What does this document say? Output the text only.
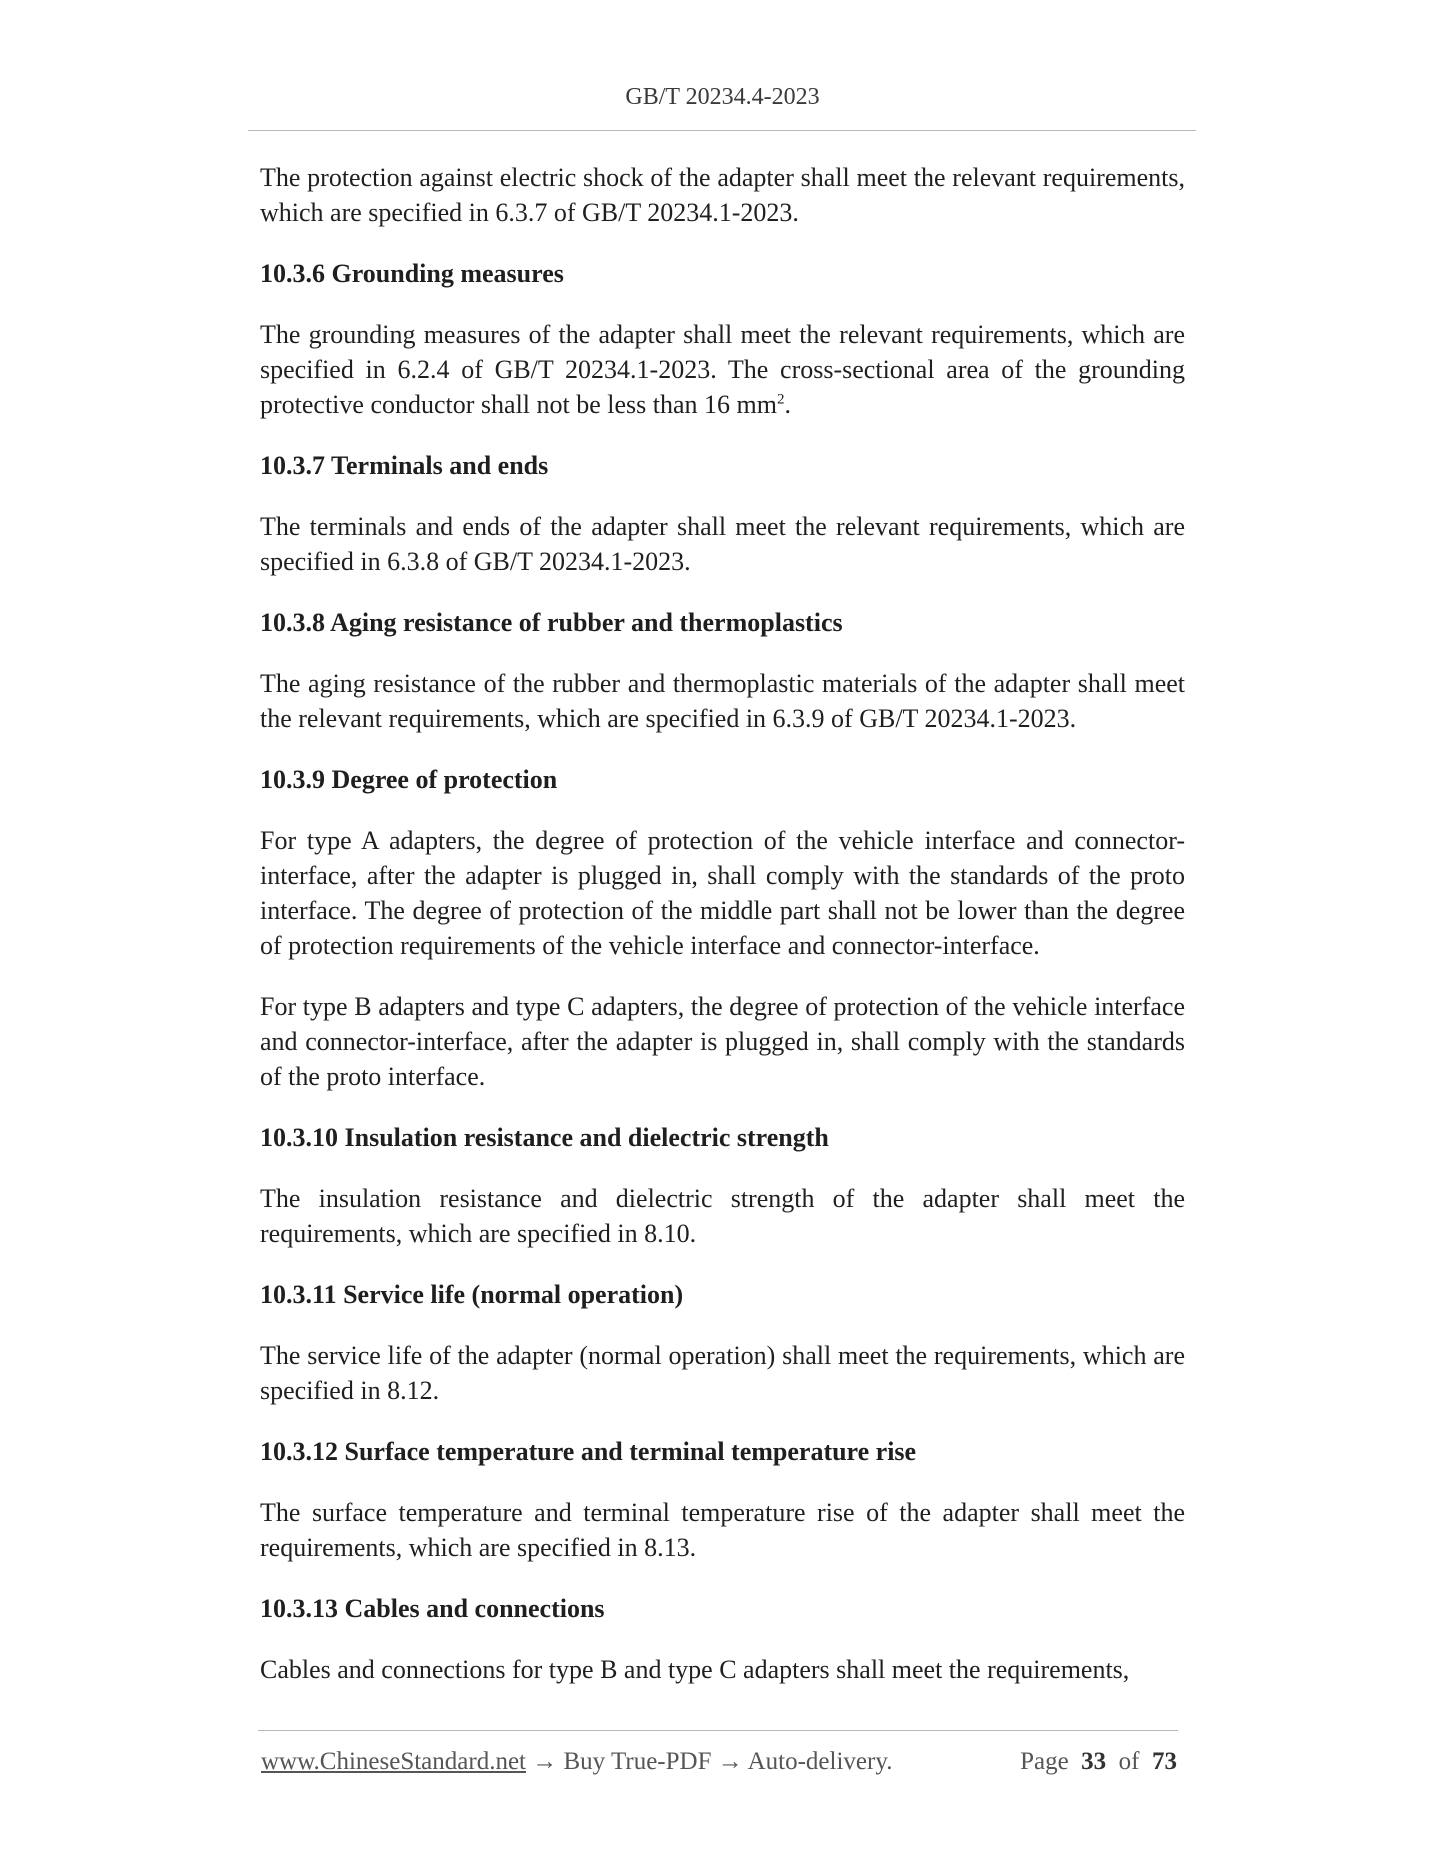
GB/T 20234.4-2023

The protection against electric shock of the adapter shall meet the relevant requirements, which are specified in 6.3.7 of GB/T 20234.1-2023.

10.3.6 Grounding measures

The grounding measures of the adapter shall meet the relevant requirements, which are specified in 6.2.4 of GB/T 20234.1-2023. The cross-sectional area of the grounding protective conductor shall not be less than 16 $mm^2$.

10.3.7 Terminals and ends

The terminals and ends of the adapter shall meet the relevant requirements, which are specified in 6.3.8 of GB/T 20234.1-2023.

10.3.8 Aging resistance of rubber and thermoplastics

The aging resistance of the rubber and thermoplastic materials of the adapter shall meet the relevant requirements, which are specified in 6.3.9 of GB/T 20234.1-2023.

10.3.9 Degree of protection

For type A adapters, the degree of protection of the vehicle interface and connector-interface, after the adapter is plugged in, shall comply with the standards of the proto interface. The degree of protection of the middle part shall not be lower than the degree of protection requirements of the vehicle interface and connector-interface.

For type B adapters and type C adapters, the degree of protection of the vehicle interface and connector-interface, after the adapter is plugged in, shall comply with the standards of the proto interface.

10.3.10 Insulation resistance and dielectric strength

The insulation resistance and dielectric strength of the adapter shall meet the requirements, which are specified in 8.10.

10.3.11 Service life (normal operation)

The service life of the adapter (normal operation) shall meet the requirements, which are specified in 8.12.

10.3.12 Surface temperature and terminal temperature rise

The surface temperature and terminal temperature rise of the adapter shall meet the requirements, which are specified in 8.13.

10.3.13 Cables and connections

Cables and connections for type B and type C adapters shall meet the requirements,

www.ChineseStandard.net → Buy True-PDF → Auto-delivery.	Page 33 of 73
